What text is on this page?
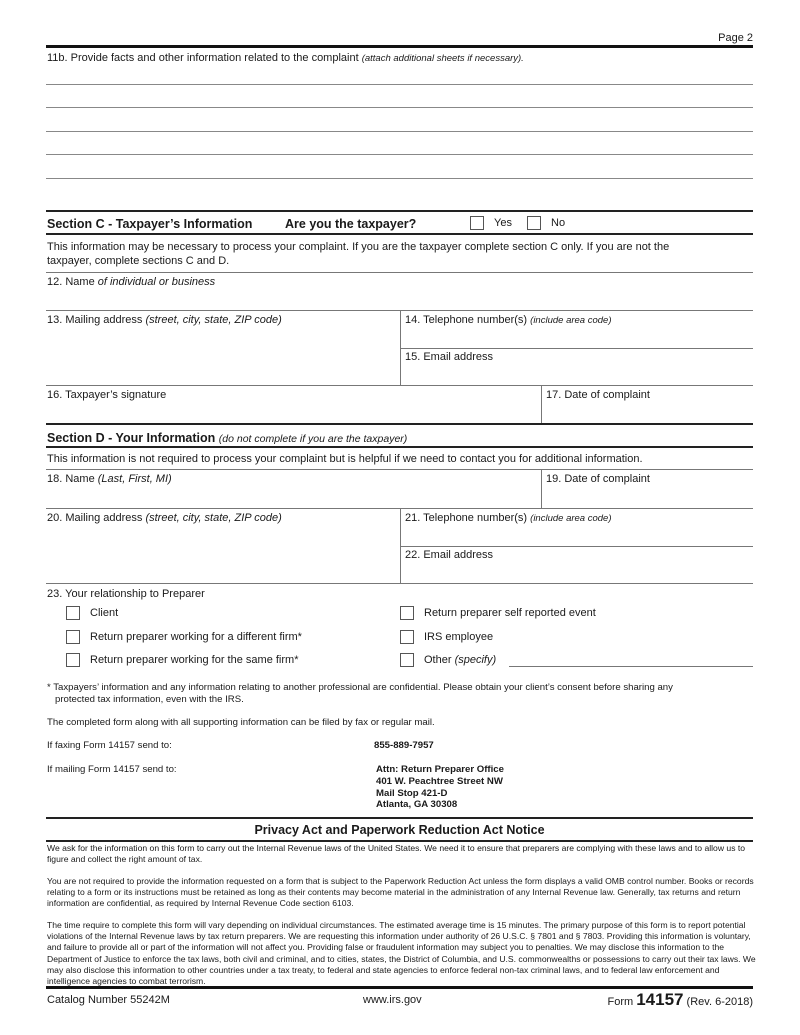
Page 2
11b. Provide facts and other information related to the complaint (attach additional sheets if necessary).
Section C - Taxpayer’s Information	Are you the taxpayer?	Yes	No
This information may be necessary to process your complaint. If you are the taxpayer complete section C only. If you are not the
taxpayer, complete sections C and D.
12. Name of individual or business
13. Mailing address (street, city, state, ZIP code)	14. Telephone number(s) (include area code)
15. Email address
16. Taxpayer’s signature	17. Date of complaint
Section D - Your Information (do not complete if you are the taxpayer)
This information is not required to process your complaint but is helpful if we need to contact you for additional information.
18. Name (Last, First, MI)	19. Date of complaint
20. Mailing address (street, city, state, ZIP code)	21. Telephone number(s) (include area code)
22. Email address
23. Your relationship to Preparer
Client
Return preparer working for a different firm*
Return preparer working for the same firm*
Return preparer self reported event
IRS employee
Other (specify)
* Taxpayers’ information and any information relating to another professional are confidential. Please obtain your client’s consent before sharing any
protected tax information, even with the IRS.
The completed form along with all supporting information can be filed by fax or regular mail.
If faxing Form 14157 send to:	855-889-7957
If mailing Form 14157 send to:	Attn: Return Preparer Office
401 W. Peachtree Street NW
Mail Stop 421-D
Atlanta, GA 30308
Privacy Act and Paperwork Reduction Act Notice
We ask for the information on this form to carry out the Internal Revenue laws of the United States. We need it to ensure that preparers are complying with these laws and to allow us to figure and collect the right amount of tax.
You are not required to provide the information requested on a form that is subject to the Paperwork Reduction Act unless the form displays a valid OMB control number. Books or records relating to a form or its instructions must be retained as long as their contents may become material in the administration of any Internal Revenue law. Generally, tax returns and return information are confidential, as required by Internal Revenue Code section 6103.
The time require to complete this form will vary depending on individual circumstances. The estimated average time is 15 minutes. The primary purpose of this form is to report potential violations of the Internal Revenue laws by tax return preparers. We are requesting this information under authority of 26 U.S.C. § 7801 and § 7803. Providing this information is voluntary, and failure to provide all or part of the information will not affect you. Providing false or fraudulent information may subject you to penalties. We may disclose this information to the Department of Justice to enforce the tax laws, both civil and criminal, and to cities, states, the District of Columbia, and U.S. commonwealths or possessions to carry out their tax laws. We may also disclose this information to other countries under a tax treaty, to federal and state agencies to enforce federal non-tax criminal laws, and to federal law enforcement and intelligence agencies to combat terrorism.
Catalog Number 55242M	www.irs.gov	Form 14157 (Rev. 6-2018)
